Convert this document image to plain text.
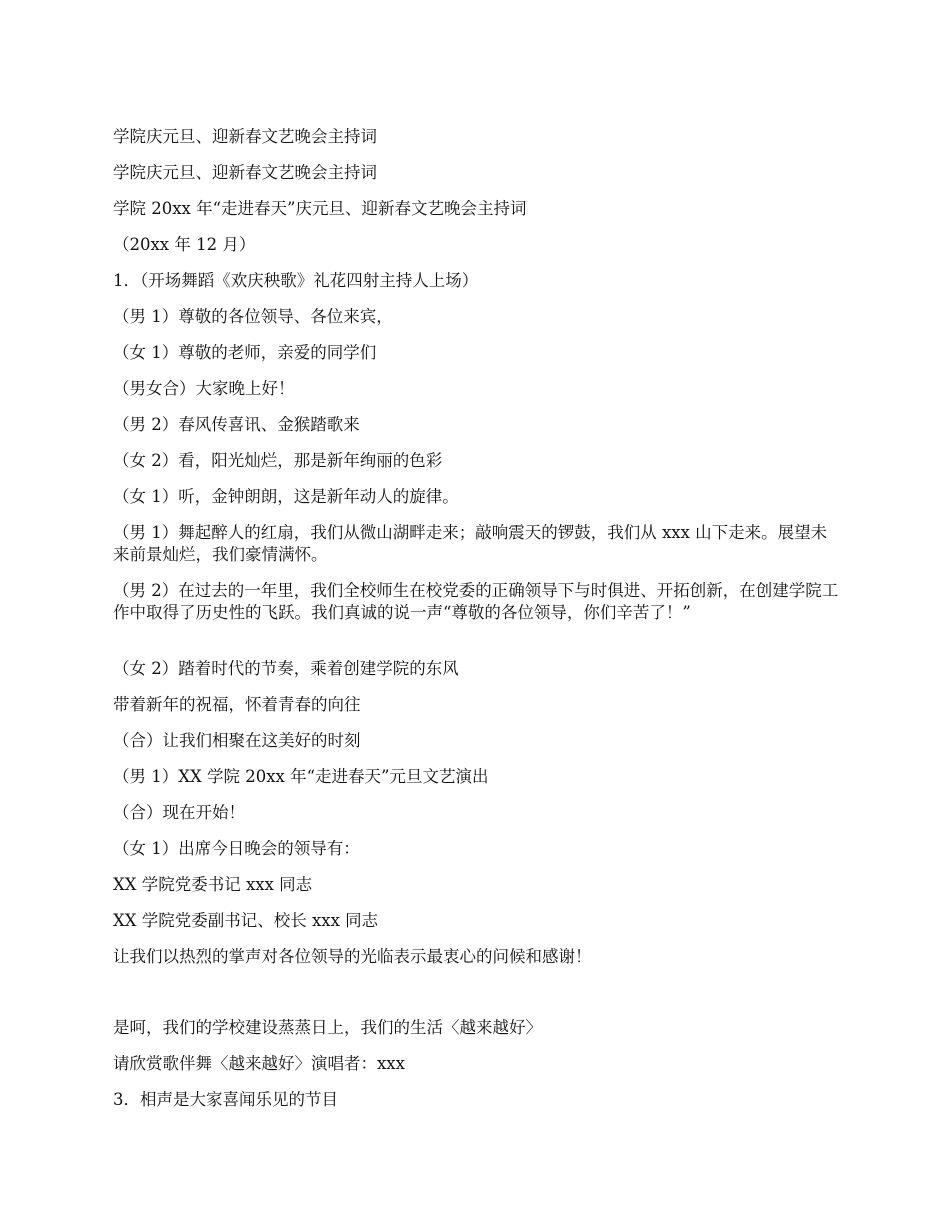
学院庆元旦、迎新春文艺晚会主持词

学院庆元旦、迎新春文艺晚会主持词

学院 20xx 年“走进春天”庆元旦、迎新春文艺晚会主持词

（20xx 年 12 月）

1．（开场舞蹈《欢庆秧歌》礼花四射主持人上场）

（男 1）尊敬的各位领导、各位来宾，

（女 1）尊敬的老师，亲爱的同学们

（男女合）大家晚上好！

（男 2）春风传喜讯、金猴踏歌来

（女 2）看，阳光灿烂，那是新年绚丽的色彩

（女 1）听，金钟朗朗，这是新年动人的旋律。

（男 1）舞起醉人的红扇，我们从微山湖畔走来；敲响震天的锣鼓，我们从 xxx 山下走来。展望未来前景灿烂，我们豪情满怀。

（男 2）在过去的一年里，我们全校师生在校党委的正确领导下与时俱进、开拓创新，在创建学院工作中取得了历史性的飞跃。我们真诚的说一声“尊敬的各位领导，你们辛苦了！”

（女 2）踏着时代的节奏，乘着创建学院的东风

带着新年的祝福，怀着青春的向往

（合）让我们相聚在这美好的时刻

（男 1）XX 学院 20xx 年“走进春天”元旦文艺演出

（合）现在开始！

（女 1）出席今日晚会的领导有：

XX 学院党委书记 xxx 同志

XX 学院党委副书记、校长 xxx 同志

让我们以热烈的掌声对各位领导的光临表示最衷心的问候和感谢！

是呵，我们的学校建设蒸蒸日上，我们的生活〈越来越好〉

请欣赏歌伴舞〈越来越好〉演唱者：xxx

3．相声是大家喜闻乐见的节目
